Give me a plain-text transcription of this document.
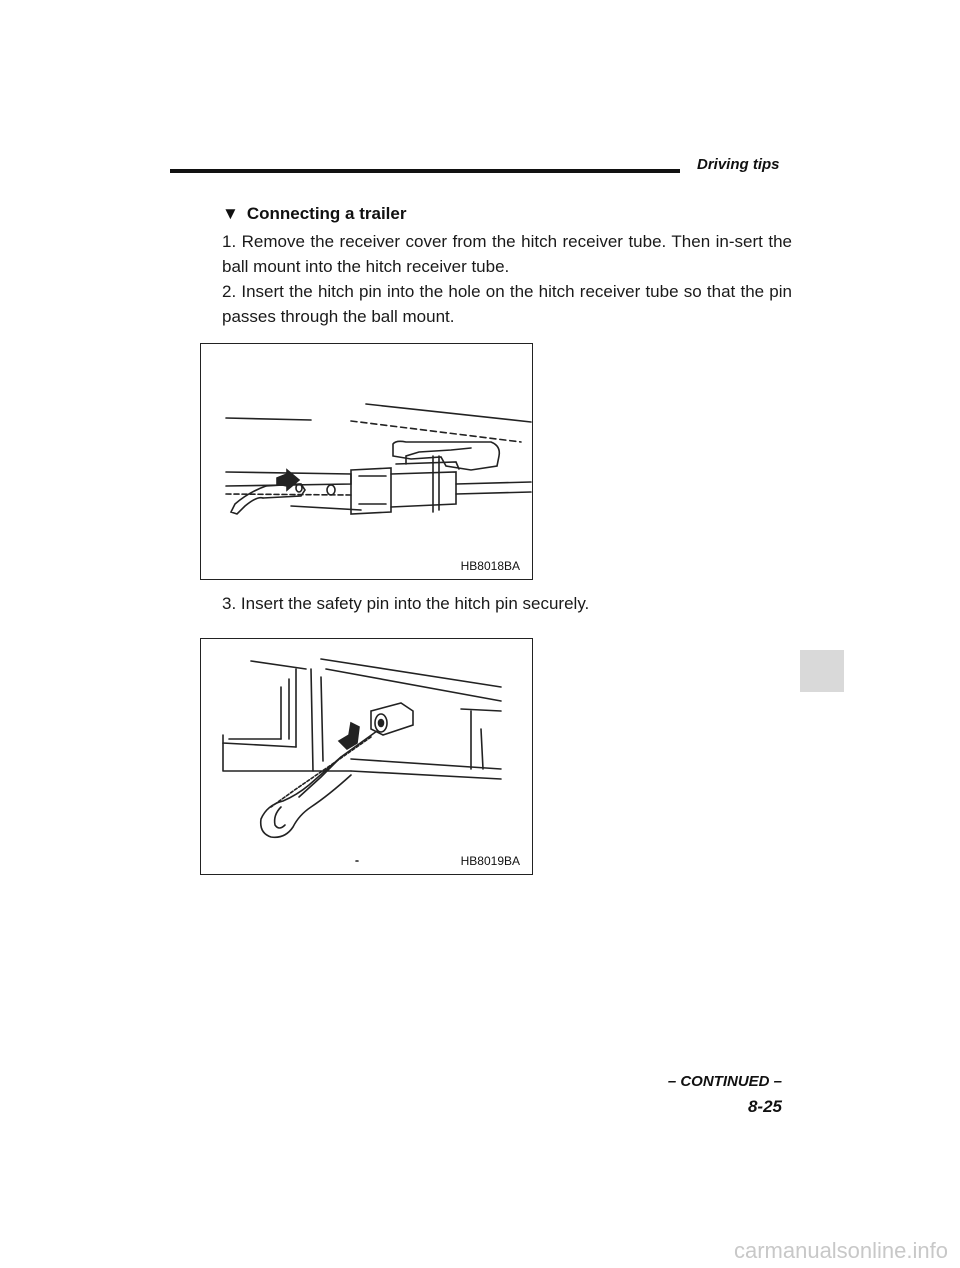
Driving tips
▼ Connecting a trailer

1. Remove the receiver cover from the hitch receiver tube. Then in-sert the ball mount into the hitch receiver tube.

2. Insert the hitch pin into the hole on the hitch receiver tube so that the pin passes through the ball mount.

HB8018BA
3. Insert the safety pin into the hitch pin securely.
HB8019BA
– CONTINUED –
8-25
carmanualsonline.info
